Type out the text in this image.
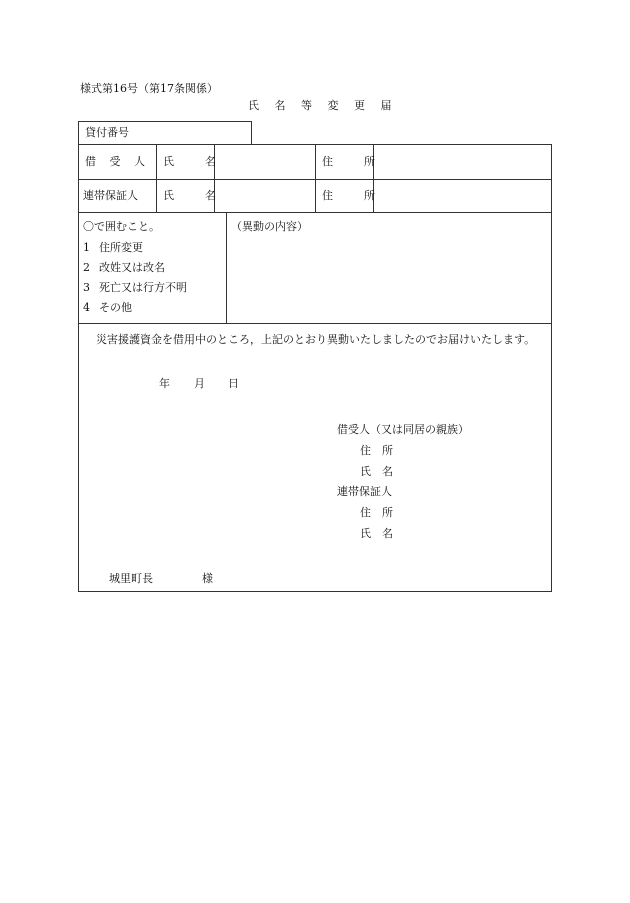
様式第16号（第17条関係）
氏 名 等 変 更 届
貸付番号
借 受 人 氏　名	住　所
連帯保証人 氏　名	住　所
〇で囲むこと。
1 住所変更
2 改姓又は改名
3 死亡又は行方不明
4 その他
（異動の内容）
　災害援護資金を借用中のところ，上記のとおり異動いたしましたのでお届けいたします。
年 月 日
借受人（又は同居の親族）
住　所
氏　名
連帯保証人
住　所
氏　名
城里町長	様
